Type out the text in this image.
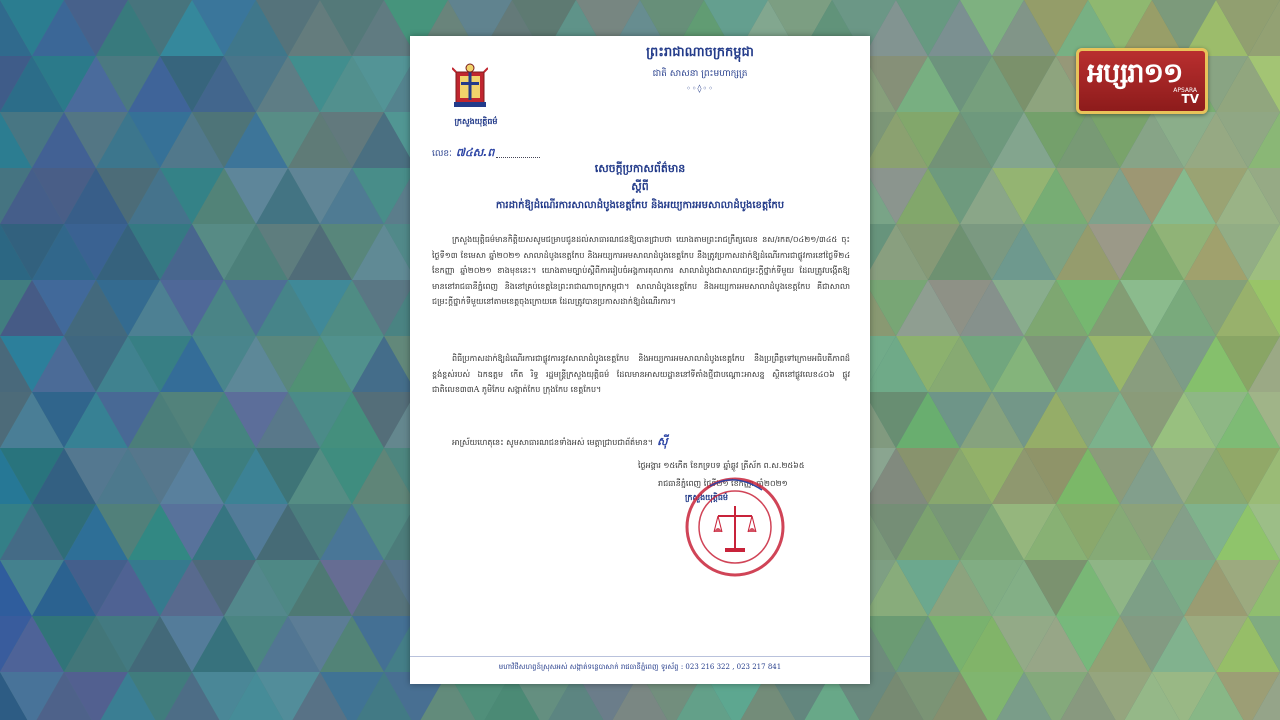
ព្រះរាជាណាចក្រកម្ពុជា
ជាតិ សាសនា ព្រះមហាក្សត្រ
◦◦◊◦◦
ក្រសួងយុត្តិធម៌
លេខៈ ៧៤ស.ព
សេចក្តីប្រកាសព័ត៌មាន
ស្តីពី
ការដាក់ឱ្យដំណើរការសាលាដំបូងខេត្តកែប និងអយ្យការអមសាលាដំបូងខេត្តកែប
ក្រសួងយុត្តិធម៌មានកិត្តិយសសូមជម្រាបជូនដល់សាធារណជនឱ្យបានជ្រាបថា យោងតាមព្រះរាជក្រឹត្យលេខ នស/រកត/០៤២១/៣៤៥ ចុះថ្ងៃទី១៣ ខែមេសា ឆ្នាំ២០២១ សាលាដំបូងខេត្តកែប និងអយ្យការអមសាលាដំបូងខេត្តកែប នឹងត្រូវប្រកាសដាក់ឱ្យដំណើរការជាផ្លូវការនៅថ្ងៃទី២៤ ខែកញ្ញា ឆ្នាំ២០២១ ខាងមុខនេះ។ យោងតាមច្បាប់ស្តីពីការរៀបចំអង្គការតុលាការ សាលាដំបូងជាសាលាជម្រះក្តីថ្នាក់ទីមួយ ដែលត្រូវបង្កើតឱ្យមាននៅរាជធានីភ្នំពេញ និងនៅគ្រប់ខេត្តនៃព្រះរាជាណាចក្រកម្ពុជា។ សាលាដំបូងខេត្តកែប និងអយ្យការអមសាលាដំបូងខេត្តកែប គឺជាសាលាជម្រះក្តីថ្នាក់ទីមួយនៅតាមខេត្តចុងក្រោយគេ ដែលត្រូវបានប្រកាសដាក់ឱ្យដំណើរការ។
ពិធីប្រកាសដាក់ឱ្យដំណើរការជាផ្លូវការនូវសាលាដំបូងខេត្តកែប និងអយ្យការអមសាលាដំបូងខេត្តកែប នឹងប្រព្រឹត្តទៅក្រោមអធិបតីភាពដ៏ខ្ពង់ខ្ពស់របស់ ឯកឧត្តម កើត រិទ្ធ រដ្ឋមន្ត្រីក្រសួងយុត្តិធម៌ ដែលមានអាសយដ្ឋាននៅទីតាំងថ្មីជាបណ្តោះអាសន្ន ស្ថិតនៅផ្លូវលេខ៤០៦ ផ្លូវជាតិលេខ៣៣A ភូមិកែប សង្កាត់កែប ក្រុងកែប ខេត្តកែប។
អាស្រ័យហេតុនេះ សូមសាធារណជនទាំងអស់ មេត្តាជ្រាបជាព័ត៌មាន។ ស៊ី
ថ្ងៃអង្គារ ១៥កើត ខែភទ្របទ ឆ្នាំឆ្លូវ ត្រីស័ក ព.ស.២៥៦៥
រាជធានីភ្នំពេញ ថ្ងៃទី២១ ខែកញ្ញា ឆ្នាំ២០២១
ក្រសួងយុត្តិធម៌
មហាវិថីសហព្ធន៍ស្រុសអស់ សង្កាត់ទន្លេបាសាក់ រាជធានីភ្នំពេញ ទូរស័ព្ទ : 023 216 322 , 023 217 841
អប្សរា១១
APSARA
TV
